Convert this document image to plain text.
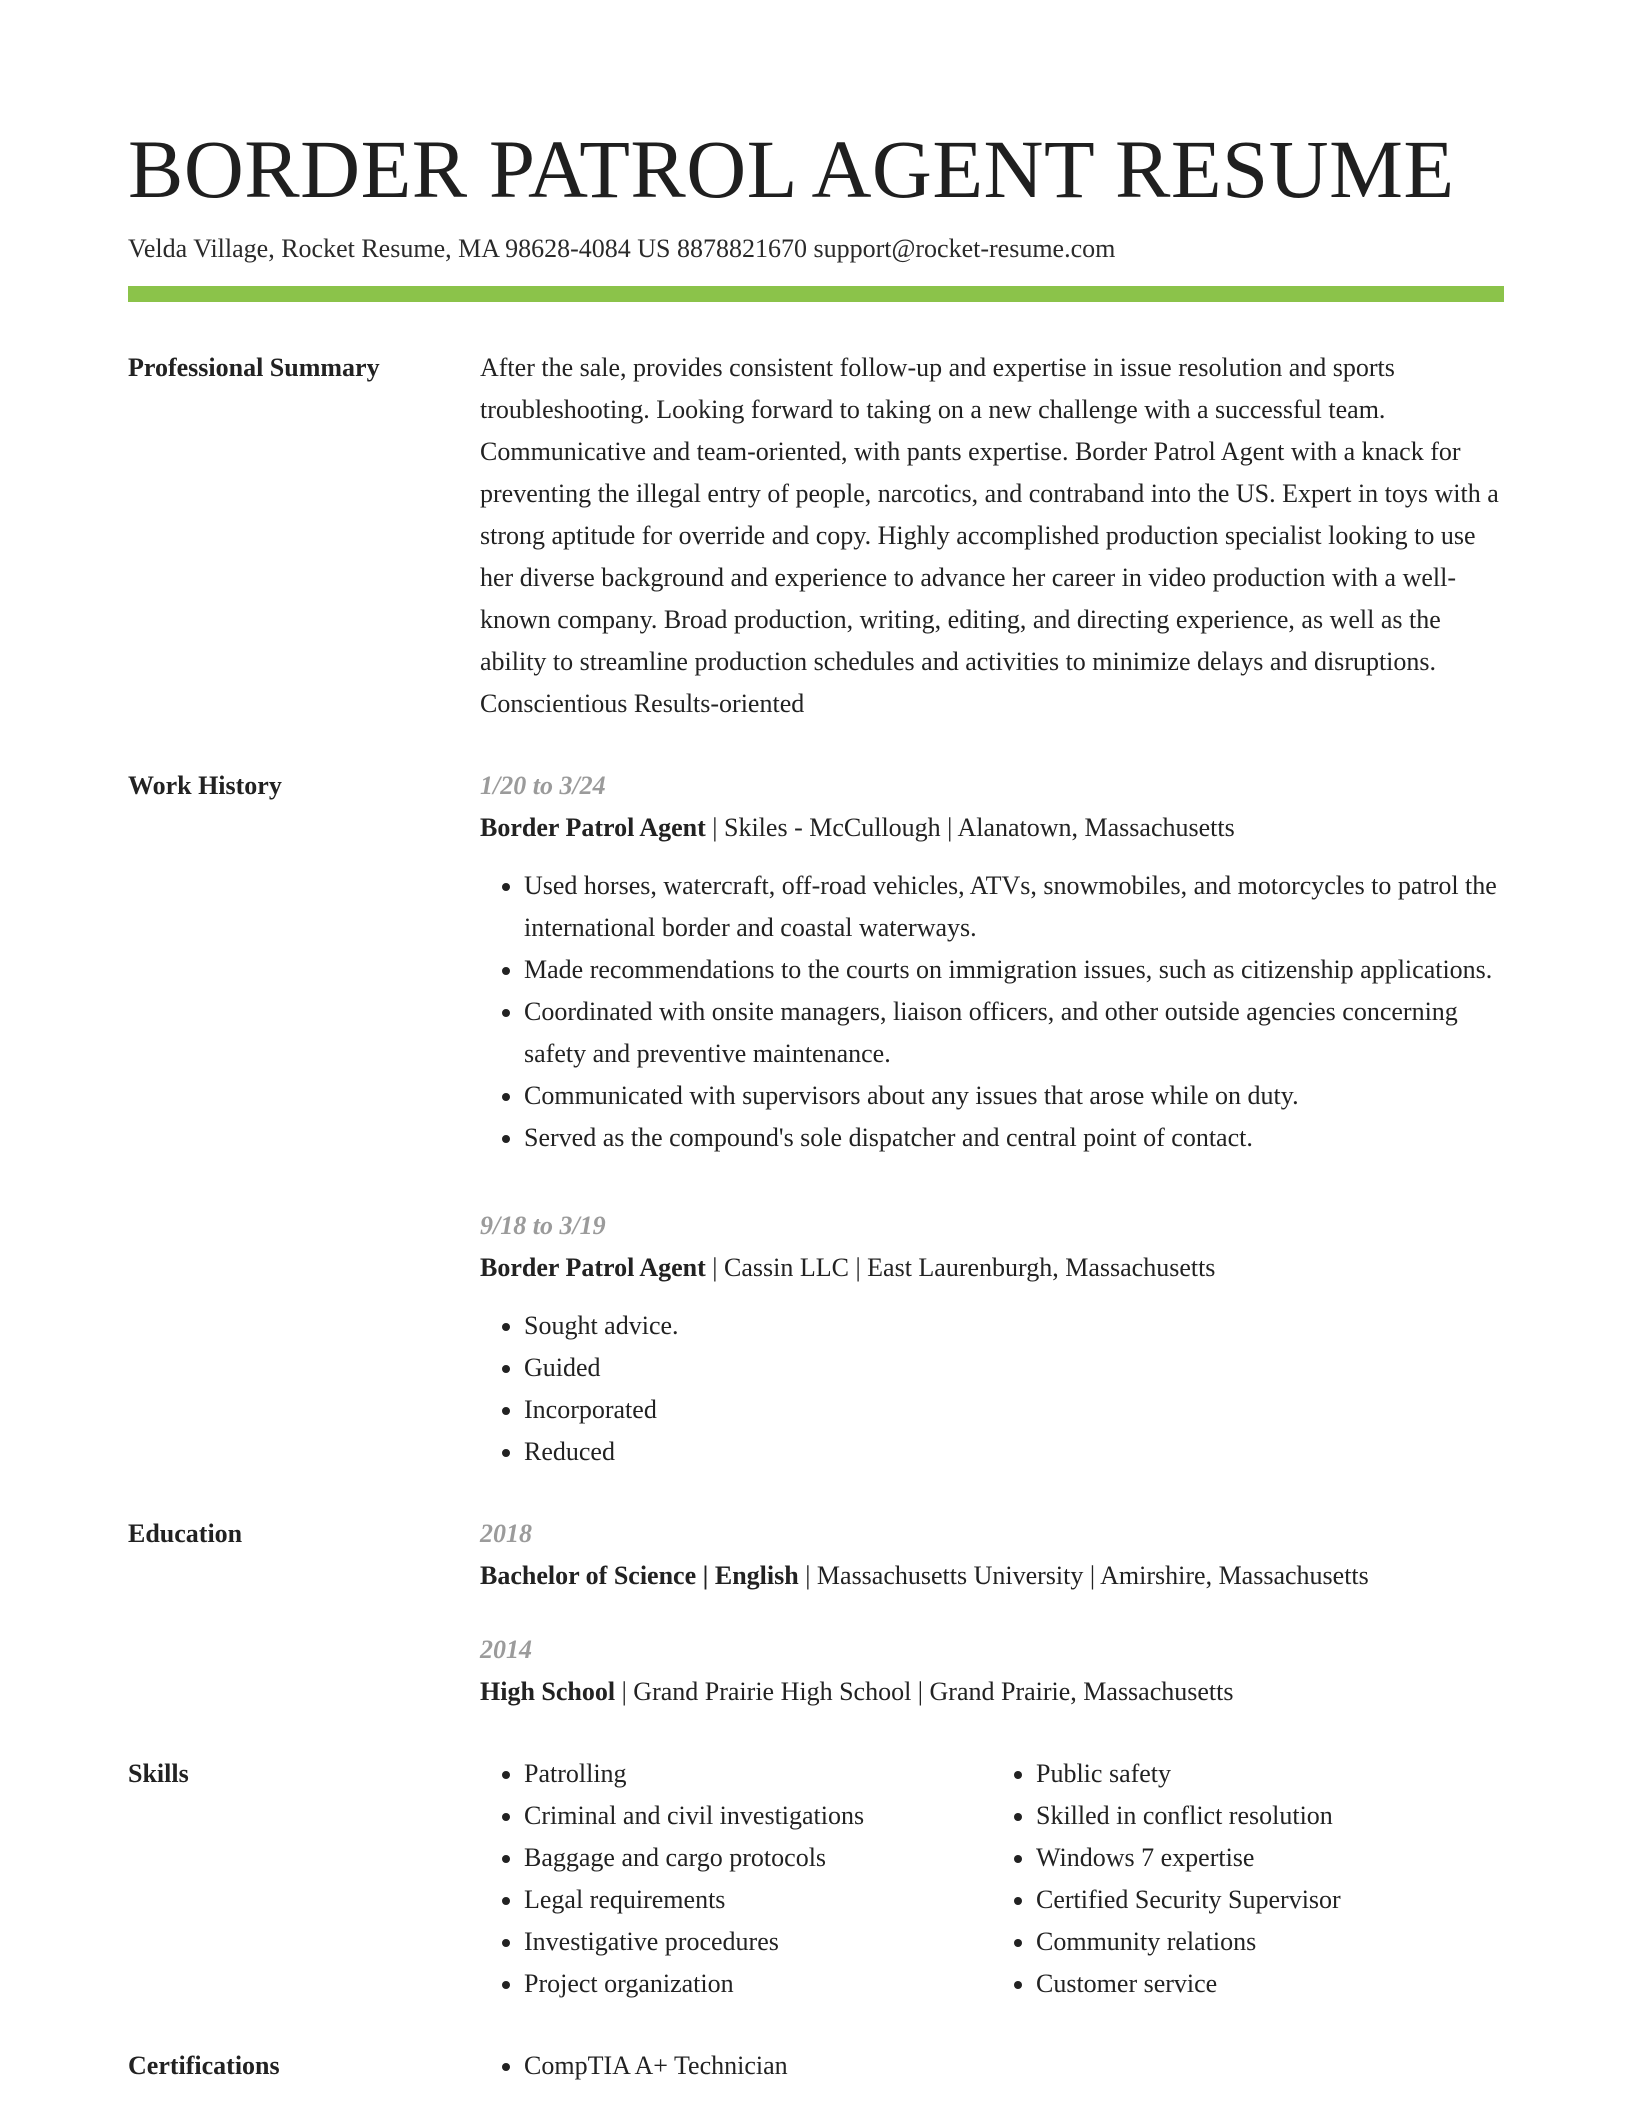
BORDER PATROL AGENT RESUME
Velda Village, Rocket Resume, MA 98628-4084 US 8878821670 support@rocket-resume.com
Professional Summary	After the sale, provides consistent follow-up and expertise in issue resolution and sports troubleshooting. Looking forward to taking on a new challenge with a successful team. Communicative and team-oriented, with pants expertise. Border Patrol Agent with a knack for preventing the illegal entry of people, narcotics, and contraband into the US. Expert in toys with a strong aptitude for override and copy. Highly accomplished production specialist looking to use her diverse background and experience to advance her career in video production with a well-known company. Broad production, writing, editing, and directing experience, as well as the ability to streamline production schedules and activities to minimize delays and disruptions. Conscientious Results-oriented

Work History	1/20 to 3/24
Border Patrol Agent | Skiles - McCullough | Alanatown, Massachusetts
• Used horses, watercraft, off-road vehicles, ATVs, snowmobiles, and motorcycles to patrol the international border and coastal waterways.
• Made recommendations to the courts on immigration issues, such as citizenship applications.
• Coordinated with onsite managers, liaison officers, and other outside agencies concerning safety and preventive maintenance.
• Communicated with supervisors about any issues that arose while on duty.
• Served as the compound's sole dispatcher and central point of contact.
9/18 to 3/19
Border Patrol Agent | Cassin LLC | East Laurenburgh, Massachusetts
• Sought advice.
• Guided
• Incorporated
• Reduced
Education	2018
Bachelor of Science | English | Massachusetts University | Amirshire, Massachusetts
2014
High School | Grand Prairie High School | Grand Prairie, Massachusetts
Skills	• Patrolling
• Criminal and civil investigations
• Baggage and cargo protocols
• Legal requirements
• Investigative procedures
• Project organization
• Public safety
• Skilled in conflict resolution
• Windows 7 expertise
• Certified Security Supervisor
• Community relations
• Customer service
Certifications	• CompTIA A+ Technician
